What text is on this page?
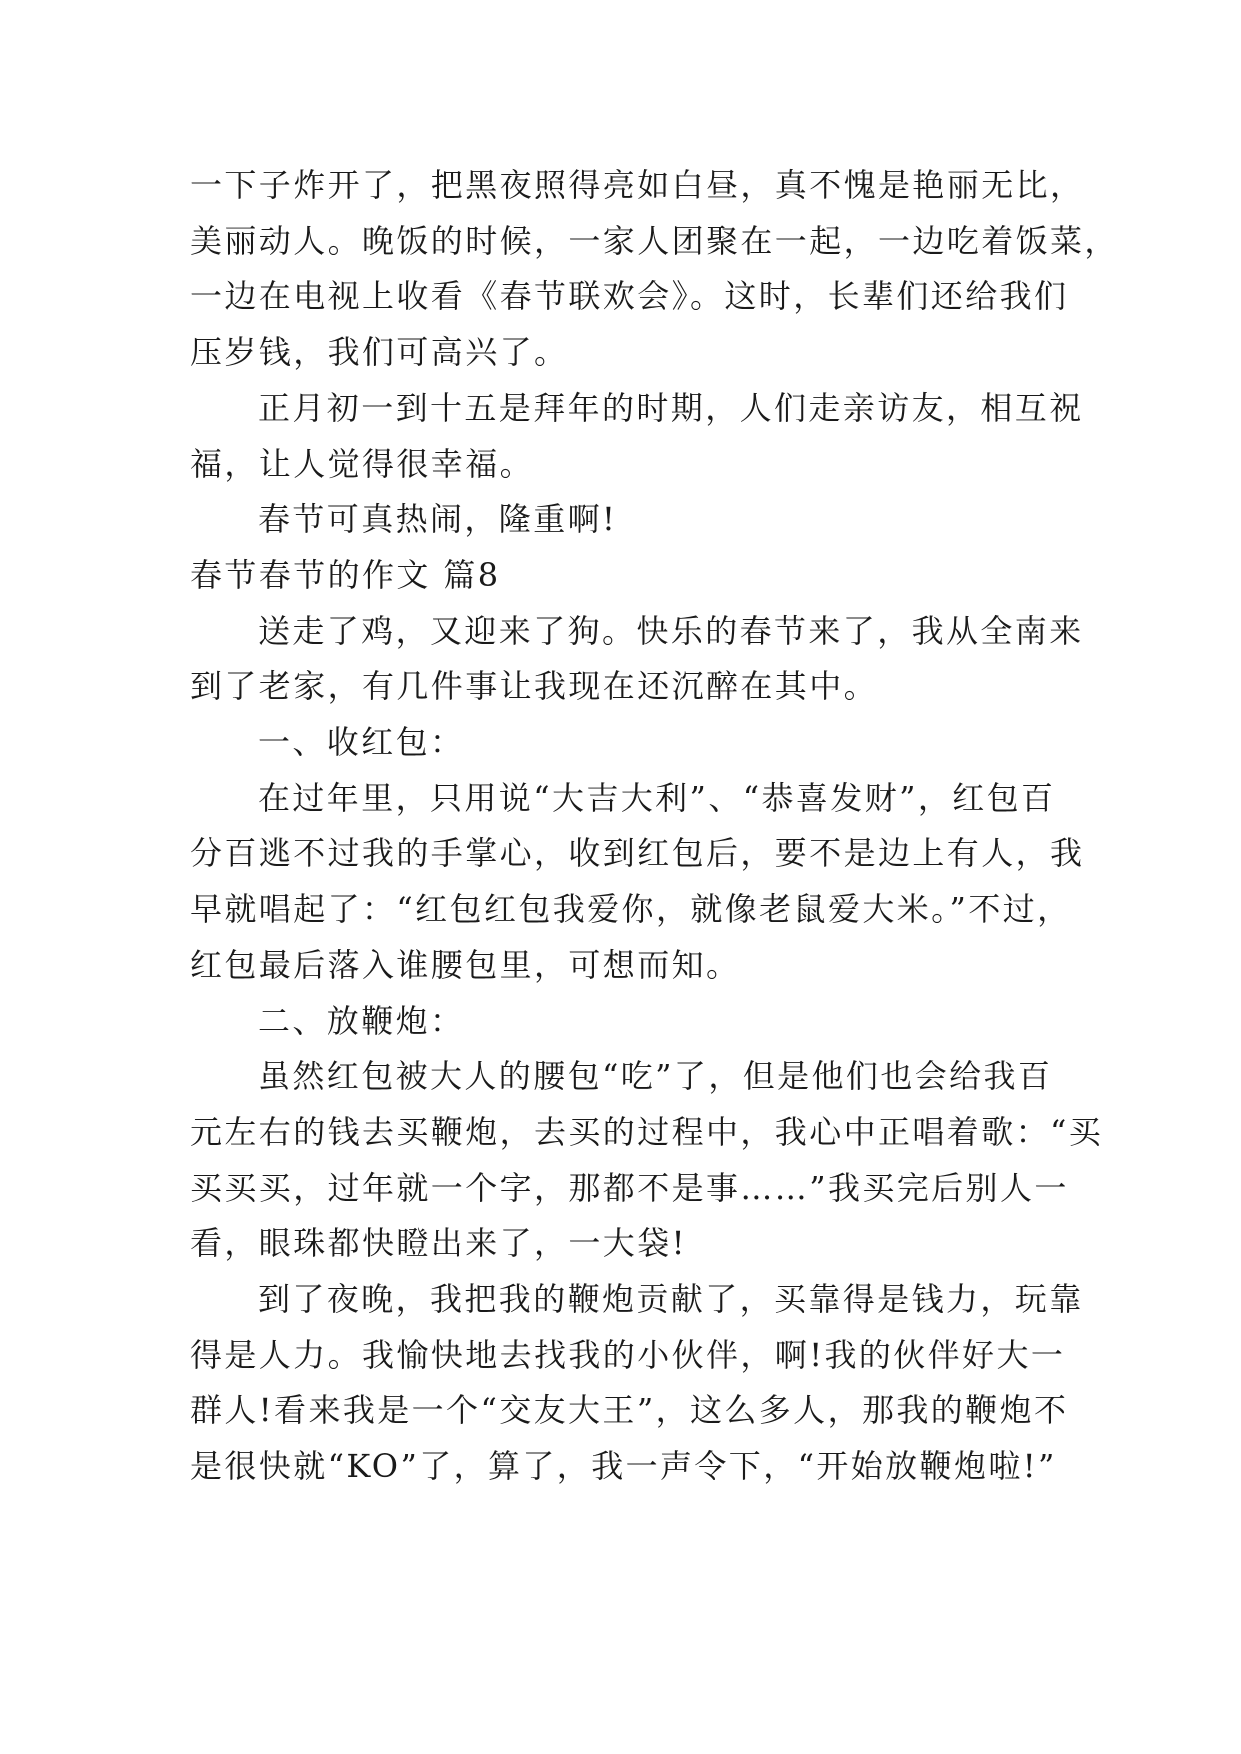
一下子炸开了，把黑夜照得亮如白昼，真不愧是艳丽无比，

美丽动人。晚饭的时候，一家人团聚在一起，一边吃着饭菜，

一边在电视上收看《春节联欢会》。这时，长辈们还给我们

压岁钱，我们可高兴了。

正月初一到十五是拜年的时期，人们走亲访友，相互祝

福，让人觉得很幸福。

春节可真热闹，隆重啊!

春节春节的作文 篇8

送走了鸡，又迎来了狗。快乐的春节来了，我从全南来

到了老家，有几件事让我现在还沉醉在其中。

一、收红包：

在过年里，只用说“大吉大利”、“恭喜发财”，红包百

分百逃不过我的手掌心，收到红包后，要不是边上有人，我

早就唱起了：“红包红包我爱你，就像老鼠爱大米。”不过，

红包最后落入谁腰包里，可想而知。

二、放鞭炮：

虽然红包被大人的腰包“吃”了，但是他们也会给我百

元左右的钱去买鞭炮，去买的过程中，我心中正唱着歌：“买

买买买，过年就一个字，那都不是事……”我买完后别人一

看，眼珠都快瞪出来了，一大袋!

到了夜晚，我把我的鞭炮贡献了，买靠得是钱力，玩靠

得是人力。我愉快地去找我的小伙伴，啊!我的伙伴好大一

群人!看来我是一个“交友大王”，这么多人，那我的鞭炮不

是很快就“KO”了，算了，我一声令下，“开始放鞭炮啦!”
